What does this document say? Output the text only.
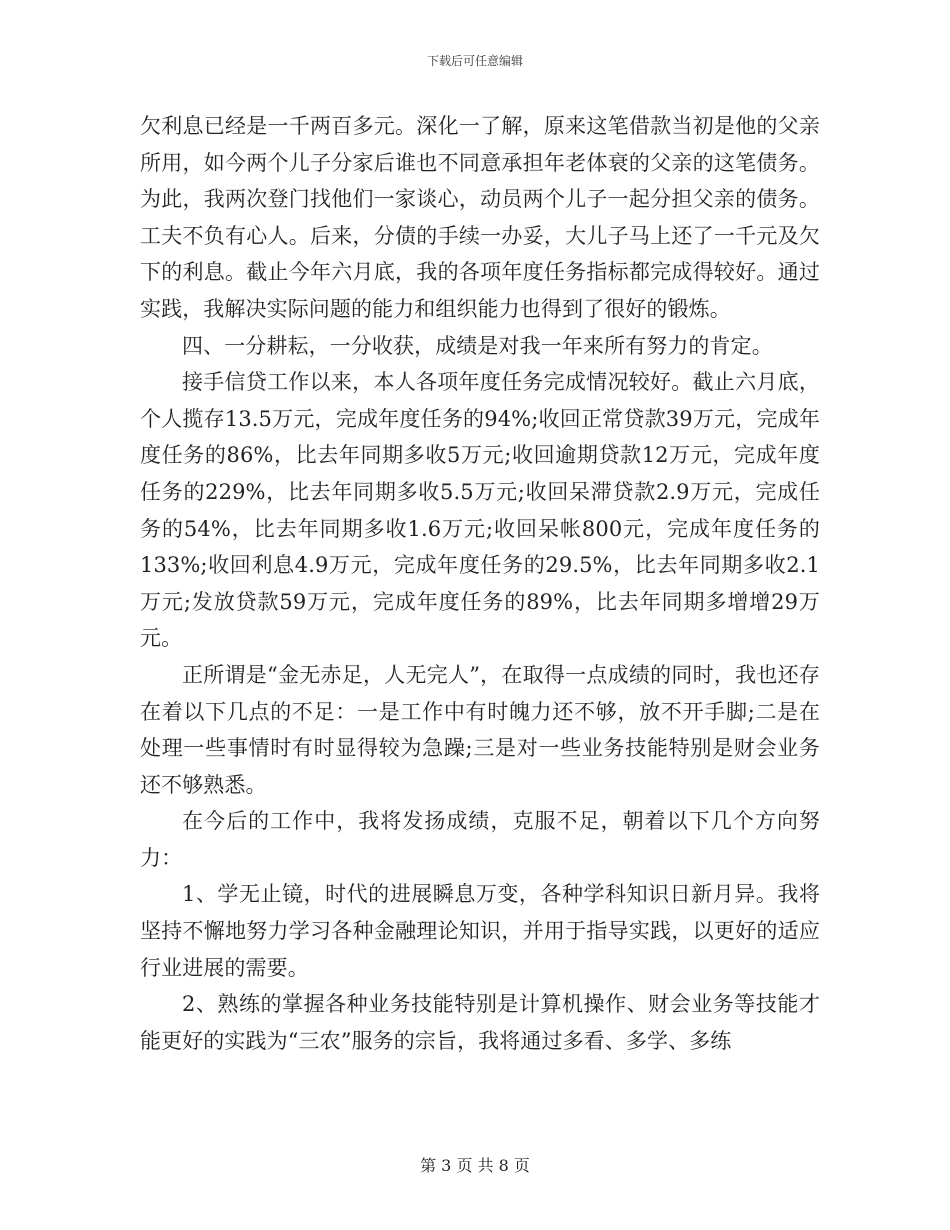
下载后可任意编辑

欠利息已经是一千两百多元。深化一了解，原来这笔借款当初是他的父亲所用，如今两个儿子分家后谁也不同意承担年老体衰的父亲的这笔债务。为此，我两次登门找他们一家谈心，动员两个儿子一起分担父亲的债务。工夫不负有心人。后来，分债的手续一办妥，大儿子马上还了一千元及欠下的利息。截止今年六月底，我的各项年度任务指标都完成得较好。通过实践，我解决实际问题的能力和组织能力也得到了很好的锻炼。

四、一分耕耘，一分收获，成绩是对我一年来所有努力的肯定。

接手信贷工作以来，本人各项年度任务完成情况较好。截止六月底，个人揽存13.5万元，完成年度任务的94%;收回正常贷款39万元，完成年度任务的86%，比去年同期多收5万元;收回逾期贷款12万元，完成年度任务的229%，比去年同期多收5.5万元;收回呆滞贷款2.9万元，完成任务的54%，比去年同期多收1.6万元;收回呆帐800元，完成年度任务的133%;收回利息4.9万元，完成年度任务的29.5%，比去年同期多收2.1万元;发放贷款59万元，完成年度任务的89%，比去年同期多增增29万元。

正所谓是“金无赤足，人无完人”，在取得一点成绩的同时，我也还存在着以下几点的不足：一是工作中有时魄力还不够，放不开手脚;二是在处理一些事情时有时显得较为急躁;三是对一些业务技能特别是财会业务还不够熟悉。

在今后的工作中，我将发扬成绩，克服不足，朝着以下几个方向努力：

1、学无止镜，时代的进展瞬息万变，各种学科知识日新月异。我将坚持不懈地努力学习各种金融理论知识，并用于指导实践，以更好的适应行业进展的需要。

2、熟练的掌握各种业务技能特别是计算机操作、财会业务等技能才能更好的实践为“三农”服务的宗旨，我将通过多看、多学、多练

第 3 页 共 8 页
